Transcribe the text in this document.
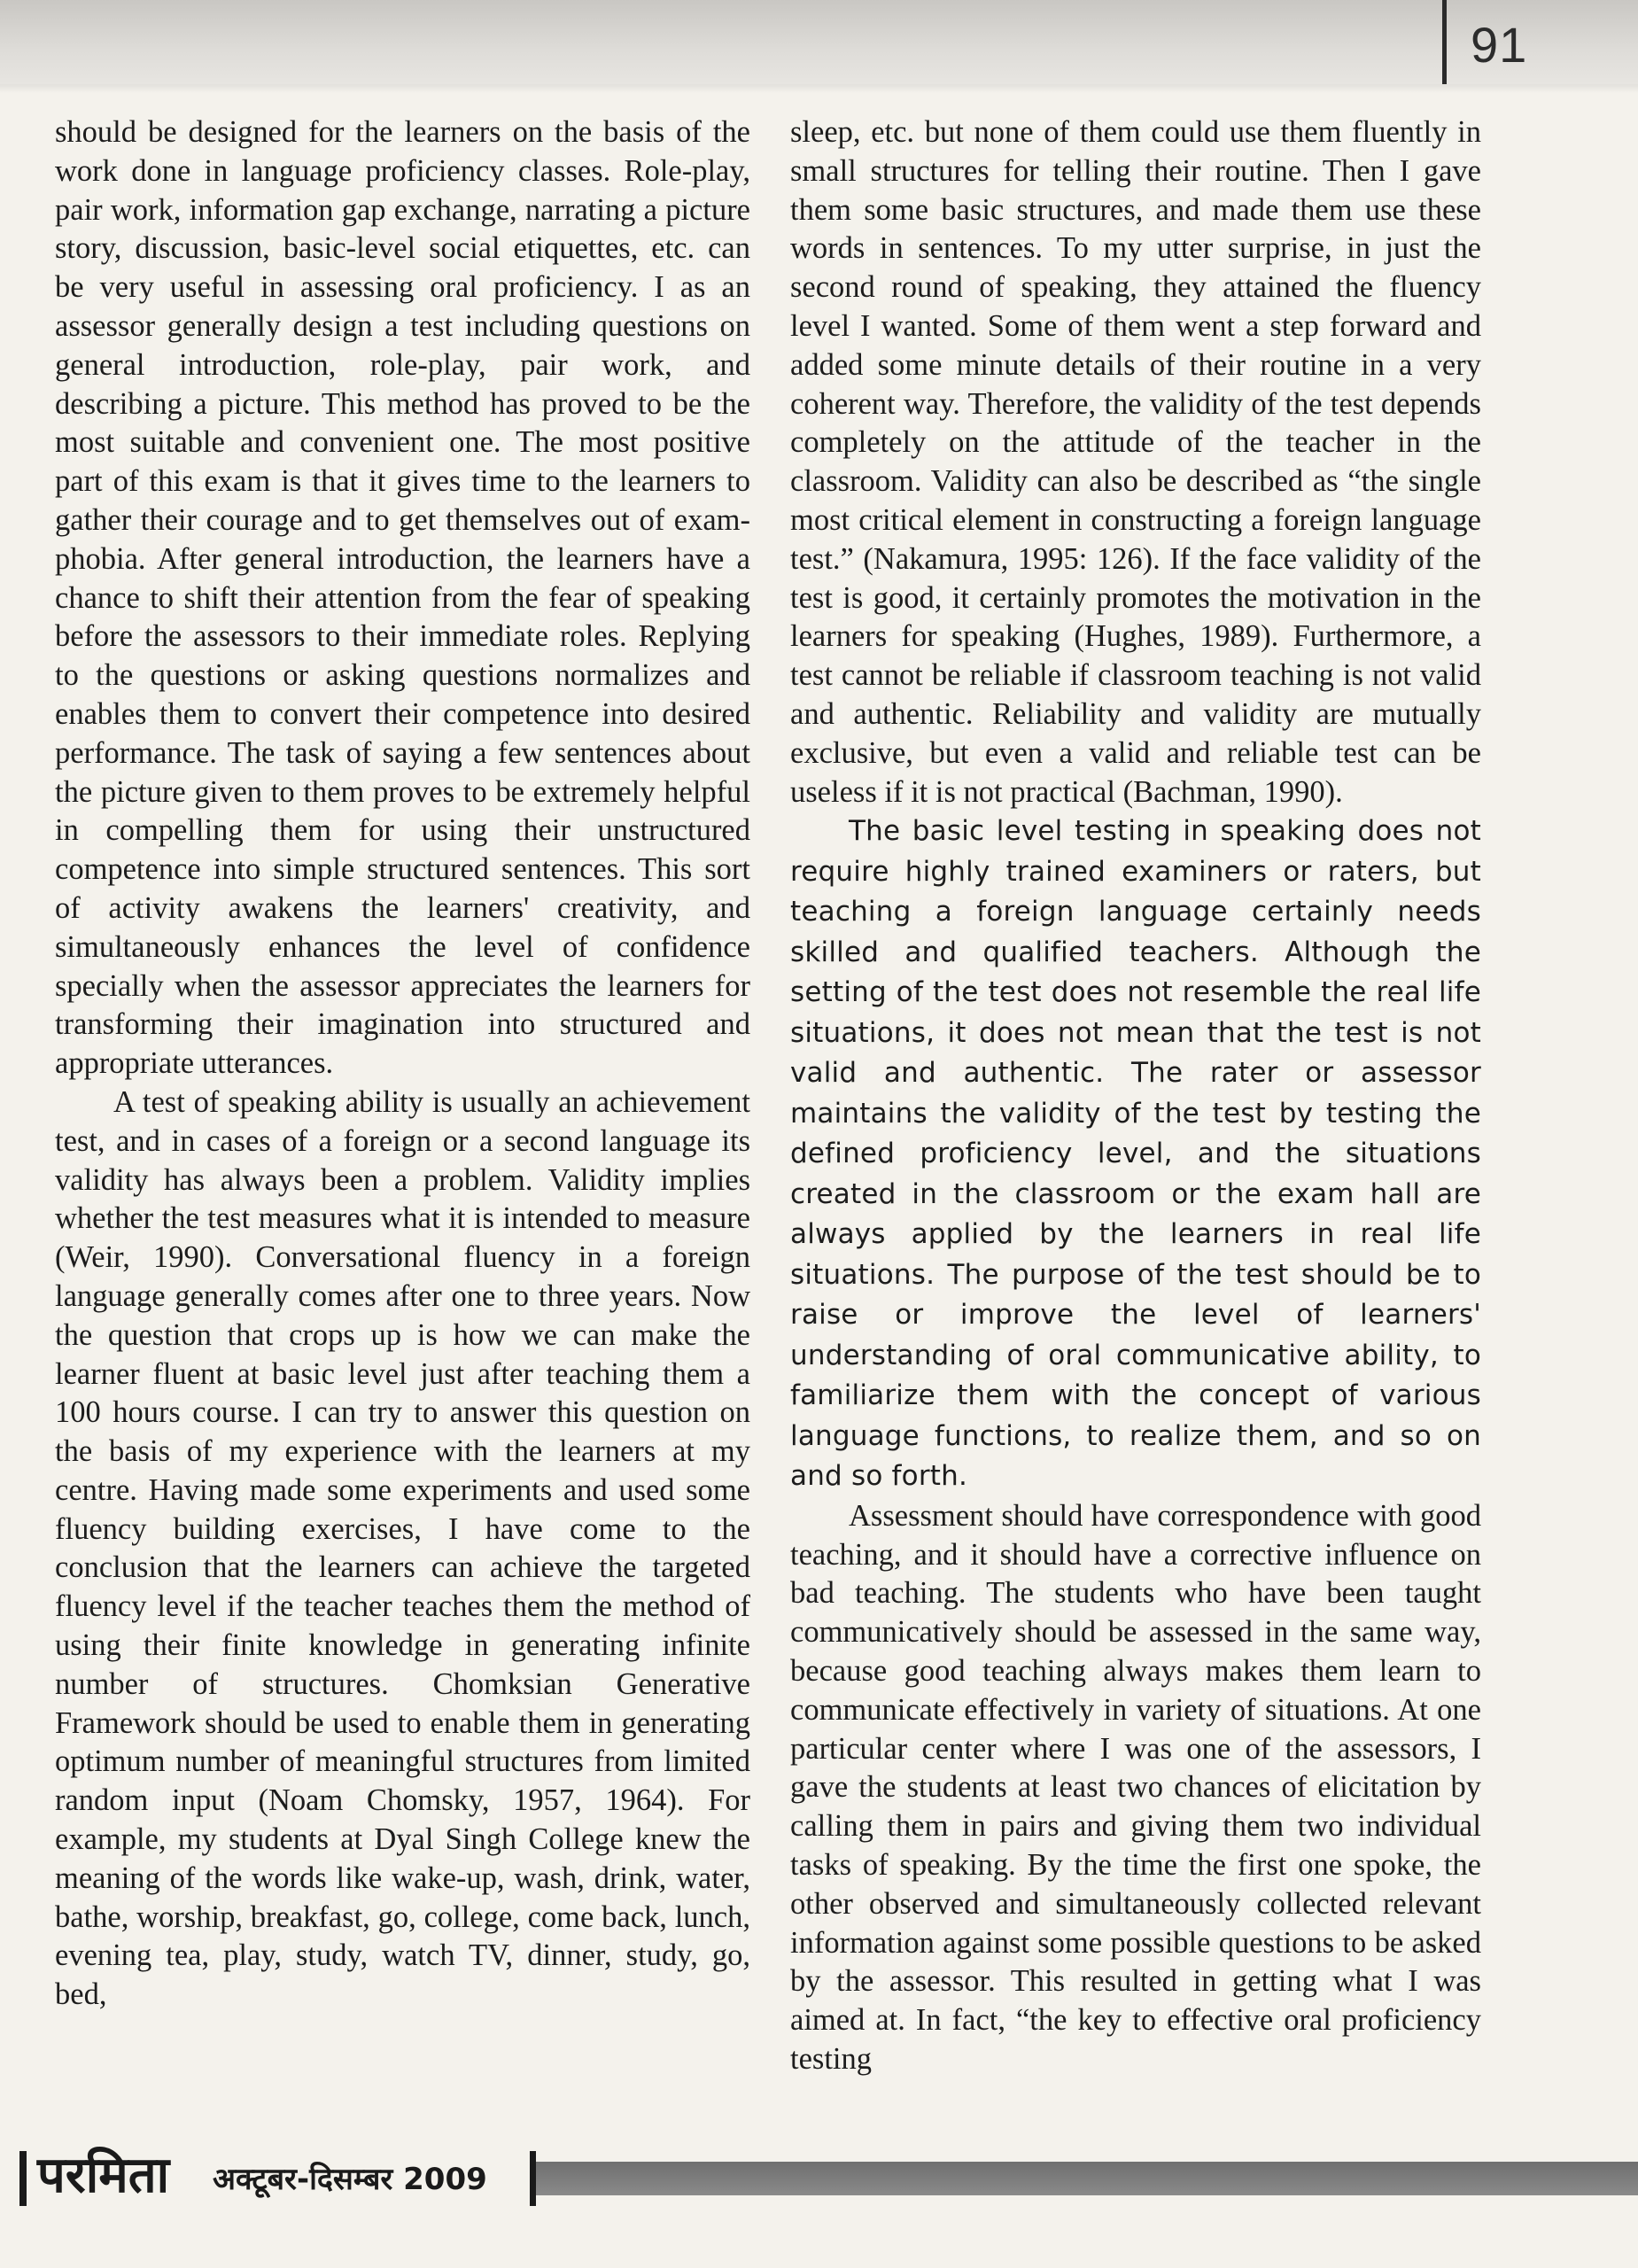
91

should be designed for the learners on the basis of the work done in language proficiency classes. Role-play, pair work, information gap exchange, narrating a picture story, discussion, basic-level social etiquettes, etc. can be very useful in assessing oral proficiency. I as an assessor generally design a test including questions on general introduction, role-play, pair work, and describing a picture. This method has proved to be the most suitable and convenient one. The most positive part of this exam is that it gives time to the learners to gather their courage and to get themselves out of exam-phobia. After general introduction, the learners have a chance to shift their attention from the fear of speaking before the assessors to their immediate roles. Replying to the questions or asking questions normalizes and enables them to convert their competence into desired performance. The task of saying a few sentences about the picture given to them proves to be extremely helpful in compelling them for using their unstructured competence into simple structured sentences. This sort of activity awakens the learners' creativity, and simultaneously enhances the level of confidence specially when the assessor appreciates the learners for transforming their imagination into structured and appropriate utterances.

A test of speaking ability is usually an achievement test, and in cases of a foreign or a second language its validity has always been a problem. Validity implies whether the test measures what it is intended to measure (Weir, 1990). Conversational fluency in a foreign language generally comes after one to three years. Now the question that crops up is how we can make the learner fluent at basic level just after teaching them a 100 hours course. I can try to answer this question on the basis of my experience with the learners at my centre. Having made some experiments and used some fluency building exercises, I have come to the conclusion that the learners can achieve the targeted fluency level if the teacher teaches them the method of using their finite knowledge in generating infinite number of structures. Chomksian Generative Framework should be used to enable them in generating optimum number of meaningful structures from limited random input (Noam Chomsky, 1957, 1964). For example, my students at Dyal Singh College knew the meaning of the words like wake-up, wash, drink, water, bathe, worship, breakfast, go, college, come back, lunch, evening tea, play, study, watch TV, dinner, study, go, bed,

sleep, etc. but none of them could use them fluently in small structures for telling their routine. Then I gave them some basic structures, and made them use these words in sentences. To my utter surprise, in just the second round of speaking, they attained the fluency level I wanted. Some of them went a step forward and added some minute details of their routine in a very coherent way. Therefore, the validity of the test depends completely on the attitude of the teacher in the classroom. Validity can also be described as “the single most critical element in constructing a foreign language test.” (Nakamura, 1995: 126). If the face validity of the test is good, it certainly promotes the motivation in the learners for speaking (Hughes, 1989). Furthermore, a test cannot be reliable if classroom teaching is not valid and authentic. Reliability and validity are mutually exclusive, but even a valid and reliable test can be useless if it is not practical (Bachman, 1990).

The basic level testing in speaking does not require highly trained examiners or raters, but teaching a foreign language certainly needs skilled and qualified teachers. Although the setting of the test does not resemble the real life situations, it does not mean that the test is not valid and authentic. The rater or assessor maintains the validity of the test by testing the defined proficiency level, and the situations created in the classroom or the exam hall are always applied by the learners in real life situations. The purpose of the test should be to raise or improve the level of learners' understanding of oral communicative ability, to familiarize them with the concept of various language functions, to realize them, and so on and so forth.

Assessment should have correspondence with good teaching, and it should have a corrective influence on bad teaching. The students who have been taught communicatively should be assessed in the same way, because good teaching always makes them learn to communicate effectively in variety of situations. At one particular center where I was one of the assessors, I gave the students at least two chances of elicitation by calling them in pairs and giving them two individual tasks of speaking. By the time the first one spoke, the other observed and simultaneously collected relevant information against some possible questions to be asked by the assessor. This resulted in getting what I was aimed at. In fact, “the key to effective oral proficiency testing

परमिता अक्टूबर-दिसम्बर 2009
